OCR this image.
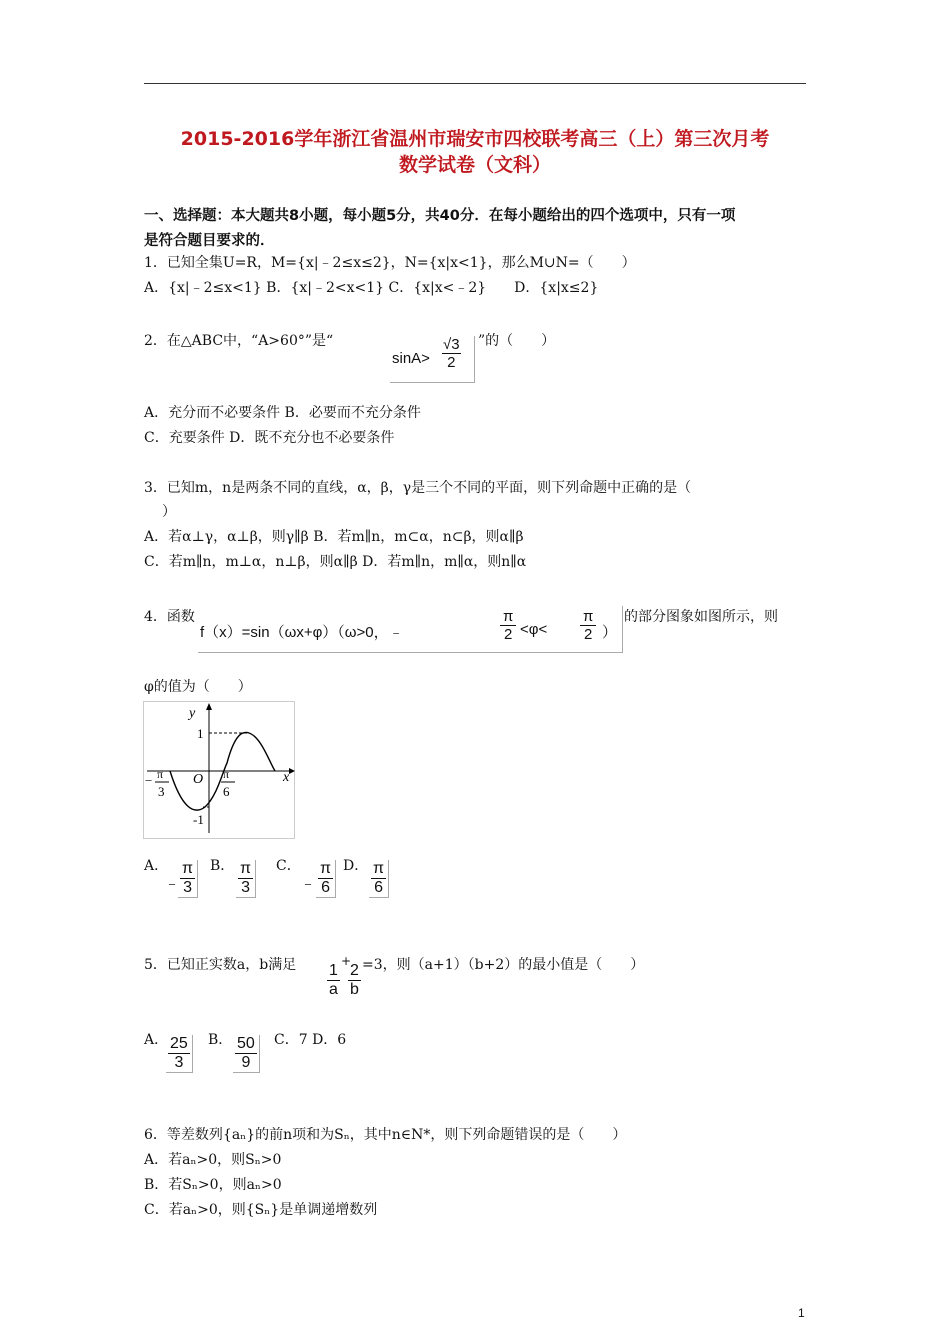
2015-2016学年浙江省温州市瑞安市四校联考高三（上）第三次月考
数学试卷（文科）
一、选择题：本大题共8小题，每小题5分，共40分．在每小题给出的四个选项中，只有一项
是符合题目要求的．
1．已知全集U=R，M={x|﹣2≤x≤2}，N={x|x<1}，那么M∪N=（　　）
A．{x|﹣2≤x<1} B．{x|﹣2<x<1} C．{x|x<﹣2}　　D．{x|x≤2}
2．在△ABC中，“A>60°”是“
$\sin A> \frac{√3}{2}$ ”的（　　）
A．充分而不必要条件 B．必要而不充分条件
C．充要条件 D．既不充分也不必要条件
3．已知m，n是两条不同的直线，α，β，γ是三个不同的平面，则下列命题中正确的是（
）
A．若α⊥γ，α⊥β，则γ∥β B．若m∥n，m⊂α，n⊂β，则α∥β
C．若m∥n，m⊥α，n⊥β，则α∥β D．若m∥n，m∥α，则n∥α
4．函数
f（x）=sin（ωx+φ）（ω>0，﹣	$\frac{\pi}{2} <\varphi< \frac{\pi}{2}$ ）
的部分图象如图所示，则
φ的值为（　　）
y
x
O
1
-1
− π
3
π
6
A．
﹣
$\frac{\pi}{3}$ B． $\frac{\pi}{3}$ C．
﹣ $\frac{\pi}{6}$ D． $\frac{\pi}{6}$
5．已知正实数a，b满足 $\frac{1}{a}$
+
$\frac{2}{b} =3$，则（a+1）（b+2）的最小值是（　　）
A．
$\frac{25}{3}$ B． $\frac{50}{9}$ C．7 D．6
6．等差数列{aₙ}的前n项和为Sₙ，其中n∈N*，则下列命题错误的是（　　）
A．若aₙ>0，则Sₙ>0
B．若Sₙ>0，则aₙ>0
C．若aₙ>0，则{Sₙ}是单调递增数列
1
